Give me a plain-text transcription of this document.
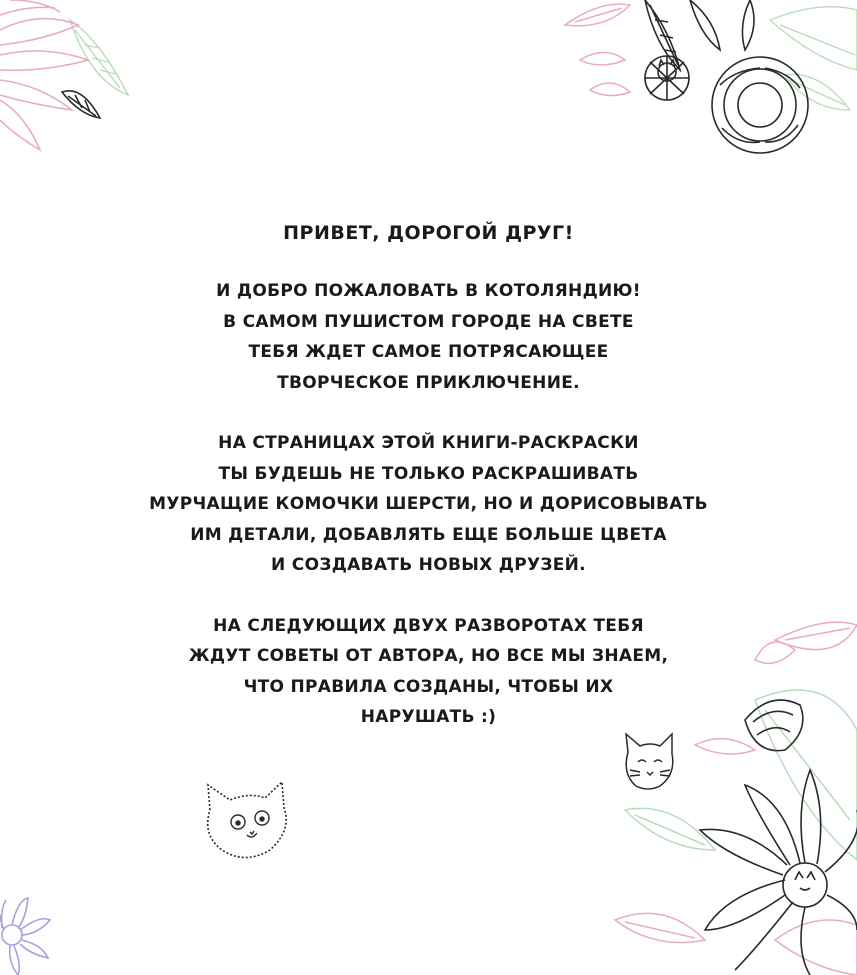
ПРИВЕТ, ДОРОГОЙ ДРУГ!
И ДОБРО ПОЖАЛОВАТЬ В КОТОЛЯНДИЮ!
В САМОМ ПУШИСТОМ ГОРОДЕ НА СВЕТЕ
ТЕБЯ ЖДЕТ САМОЕ ПОТРЯСАЮЩЕЕ
ТВОРЧЕСКОЕ ПРИКЛЮЧЕНИЕ.
НА СТРАНИЦАХ ЭТОЙ КНИГИ-РАСКРАСКИ
ТЫ БУДЕШЬ НЕ ТОЛЬКО РАСКРАШИВАТЬ
МУРЧАЩИЕ КОМОЧКИ ШЕРСТИ, НО И ДОРИСОВЫВАТЬ
ИМ ДЕТАЛИ, ДОБАВЛЯТЬ ЕЩЕ БОЛЬШЕ ЦВЕТА
И СОЗДАВАТЬ НОВЫХ ДРУЗЕЙ.
НА СЛЕДУЮЩИХ ДВУХ РАЗВОРОТАХ ТЕБЯ
ЖДУТ СОВЕТЫ ОТ АВТОРА, НО ВСЕ МЫ ЗНАЕМ,
ЧТО ПРАВИЛА СОЗДАНЫ, ЧТОБЫ ИХ
НАРУШАТЬ :)
